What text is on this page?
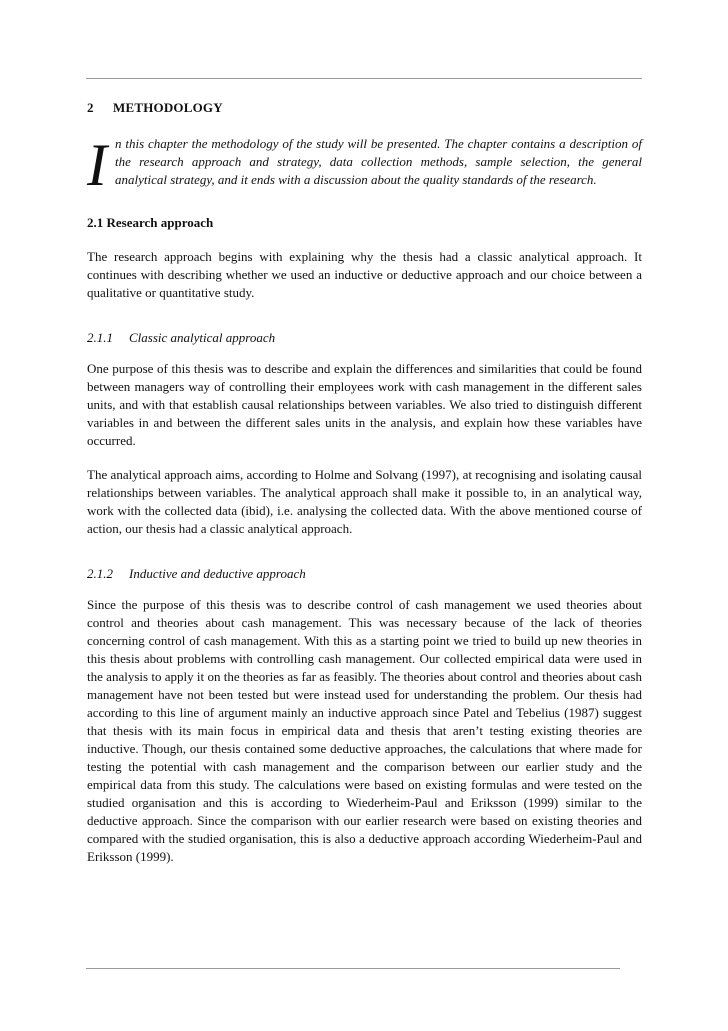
2 METHODOLOGY

In this chapter the methodology of the study will be presented. The chapter contains a description of the research approach and strategy, data collection methods, sample selection, the general analytical strategy, and it ends with a discussion about the quality standards of the research.

2.1 Research approach

The research approach begins with explaining why the thesis had a classic analytical approach. It continues with describing whether we used an inductive or deductive approach and our choice between a qualitative or quantitative study.

2.1.1 Classic analytical approach

One purpose of this thesis was to describe and explain the differences and similarities that could be found between managers way of controlling their employees work with cash management in the different sales units, and with that establish causal relationships between variables. We also tried to distinguish different variables in and between the different sales units in the analysis, and explain how these variables have occurred.

The analytical approach aims, according to Holme and Solvang (1997), at recognising and isolating causal relationships between variables. The analytical approach shall make it possible to, in an analytical way, work with the collected data (ibid), i.e. analysing the collected data. With the above mentioned course of action, our thesis had a classic analytical approach.

2.1.2 Inductive and deductive approach

Since the purpose of this thesis was to describe control of cash management we used theories about control and theories about cash management. This was necessary because of the lack of theories concerning control of cash management. With this as a starting point we tried to build up new theories in this thesis about problems with controlling cash management. Our collected empirical data were used in the analysis to apply it on the theories as far as feasibly. The theories about control and theories about cash management have not been tested but were instead used for understanding the problem. Our thesis had according to this line of argument mainly an inductive approach since Patel and Tebelius (1987) suggest that thesis with its main focus in empirical data and thesis that aren’t testing existing theories are inductive. Though, our thesis contained some deductive approaches, the calculations that where made for testing the potential with cash management and the comparison between our earlier study and the empirical data from this study. The calculations were based on existing formulas and were tested on the studied organisation and this is according to Wiederheim-Paul and Eriksson (1999) similar to the deductive approach. Since the comparison with our earlier research were based on existing theories and compared with the studied organisation, this is also a deductive approach according Wiederheim-Paul and Eriksson (1999).
